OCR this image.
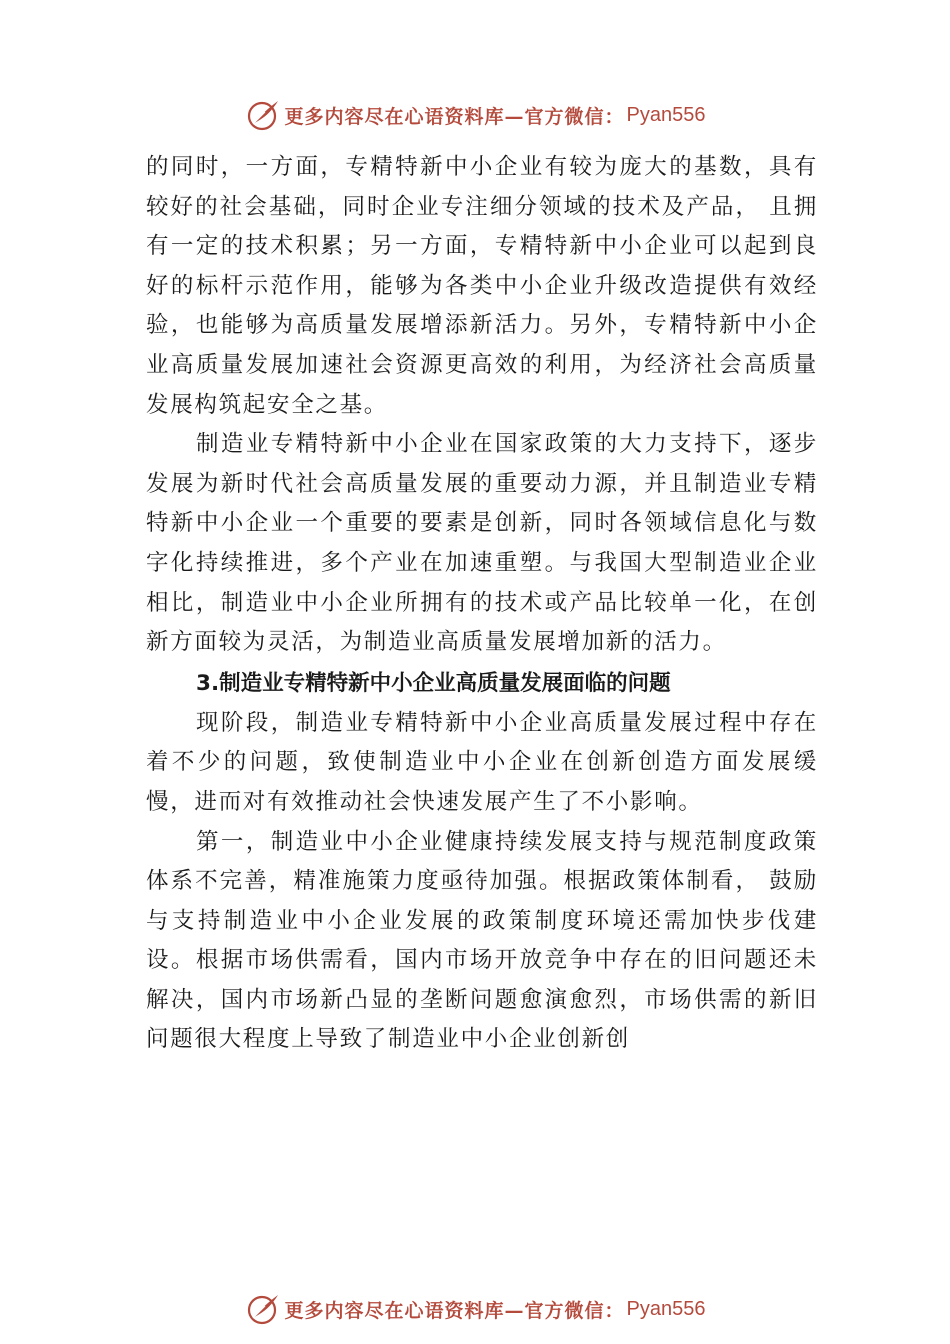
更多内容尽在心语资料库—官方微信： Pyan556

的同时，一方面，专精特新中小企业有较为庞大的基数，具有较好的社会基础，同时企业专注细分领域的技术及产品， 且拥有一定的技术积累；另一方面，专精特新中小企业可以起到良好的标杆示范作用，能够为各类中小企业升级改造提供有效经验，也能够为高质量发展增添新活力。另外，专精特新中小企业高质量发展加速社会资源更高效的利用，为经济社会高质量发展构筑起安全之基。

制造业专精特新中小企业在国家政策的大力支持下，逐步发展为新时代社会高质量发展的重要动力源，并且制造业专精特新中小企业一个重要的要素是创新，同时各领域信息化与数字化持续推进，多个产业在加速重塑。与我国大型制造业企业相比，制造业中小企业所拥有的技术或产品比较单一化，在创新方面较为灵活，为制造业高质量发展增加新的活力。

3.制造业专精特新中小企业高质量发展面临的问题

现阶段，制造业专精特新中小企业高质量发展过程中存在着不少的问题，致使制造业中小企业在创新创造方面发展缓慢，进而对有效推动社会快速发展产生了不小影响。

第一，制造业中小企业健康持续发展支持与规范制度政策体系不完善，精准施策力度亟待加强。根据政策体制看， 鼓励与支持制造业中小企业发展的政策制度环境还需加快步伐建设。根据市场供需看，国内市场开放竞争中存在的旧问题还未解决，国内市场新凸显的垄断问题愈演愈烈，市场供需的新旧问题很大程度上导致了制造业中小企业创新创

更多内容尽在心语资料库—官方微信： Pyan556
